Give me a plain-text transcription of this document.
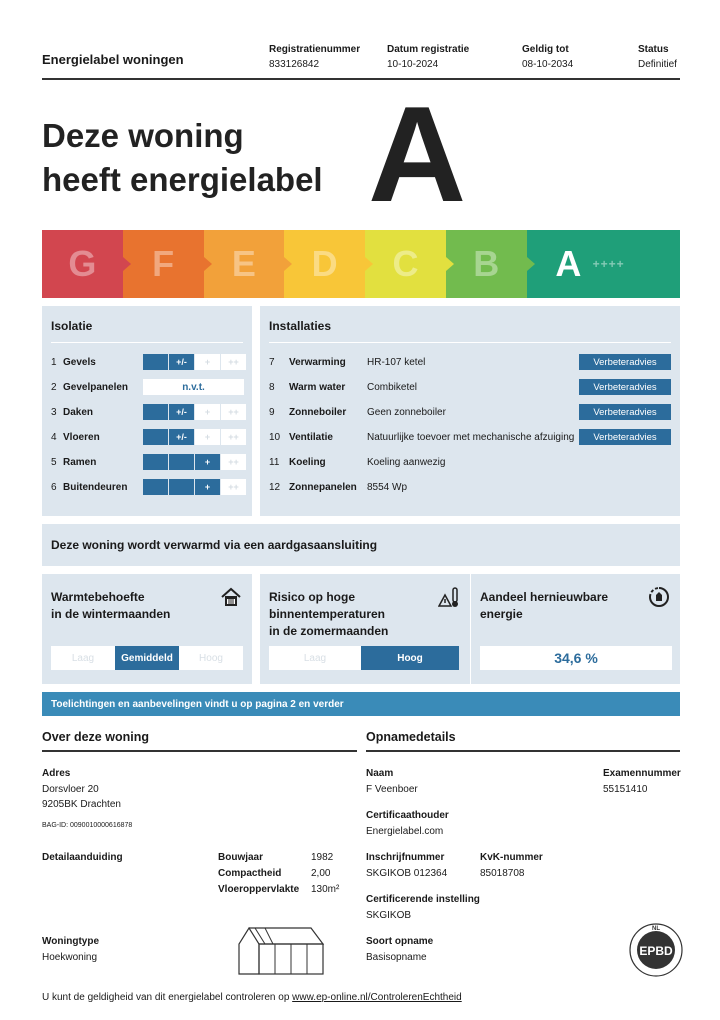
Energielabel woningen
Registratienummer
833126842
Datum registratie
10-10-2024
Geldig tot
08-10-2034
Status
Definitief
Deze woning
heeft energielabel A
G F E D C B A ++++
Isolatie
1 Gevels	+/-	+	++
2 Gevelpanelen	n.v.t.
3 Daken	+/-	+	++
4 Vloeren	+/-	+	++
5 Ramen	+	++
6 Buitendeuren	+	++
Installaties
7	Verwarming	HR-107 ketel	Verbeteradvies
8	Warm water	Combiketel	Verbeteradvies
9	Zonneboiler	Geen zonneboiler	Verbeteradvies
10 Ventilatie	Natuurlijke toevoer met mechanische afzuiging	Verbeteradvies
11 Koeling	Koeling aanwezig
12 Zonnepanelen	8554 Wp
Deze woning wordt verwarmd via een aardgasaansluiting
Warmtebehoefte
in de wintermaanden
Laag	Gemiddeld	Hoog
Risico op hoge
binnentemperaturen
in de zomermaanden
Laag	Hoog
Aandeel hernieuwbare
energie
34,6 %
Toelichtingen en aanbevelingen vindt u op pagina 2 en verder
Over deze woning
Adres
Dorsvloer 20
9205BK Drachten
BAG-ID: 0090010000616878
Detailaanduiding	Bouwjaar	1982
Compactheid	2,00
Vloeroppervlakte 130m²
Woningtype
Hoekwoning
Opnamedetails
Naam
F Veenboer
Examennummer
55151410
Certificaathouder
Energielabel.com
Inschrijfnummer
SKGIKOB 012364
KvK-nummer
85018708
Certificerende instelling
SKGIKOB
Soort opname
Basisopname	EPBD
NL
U kunt de geldigheid van dit energielabel controleren op www.ep-online.nl/ControlerenEchtheid
